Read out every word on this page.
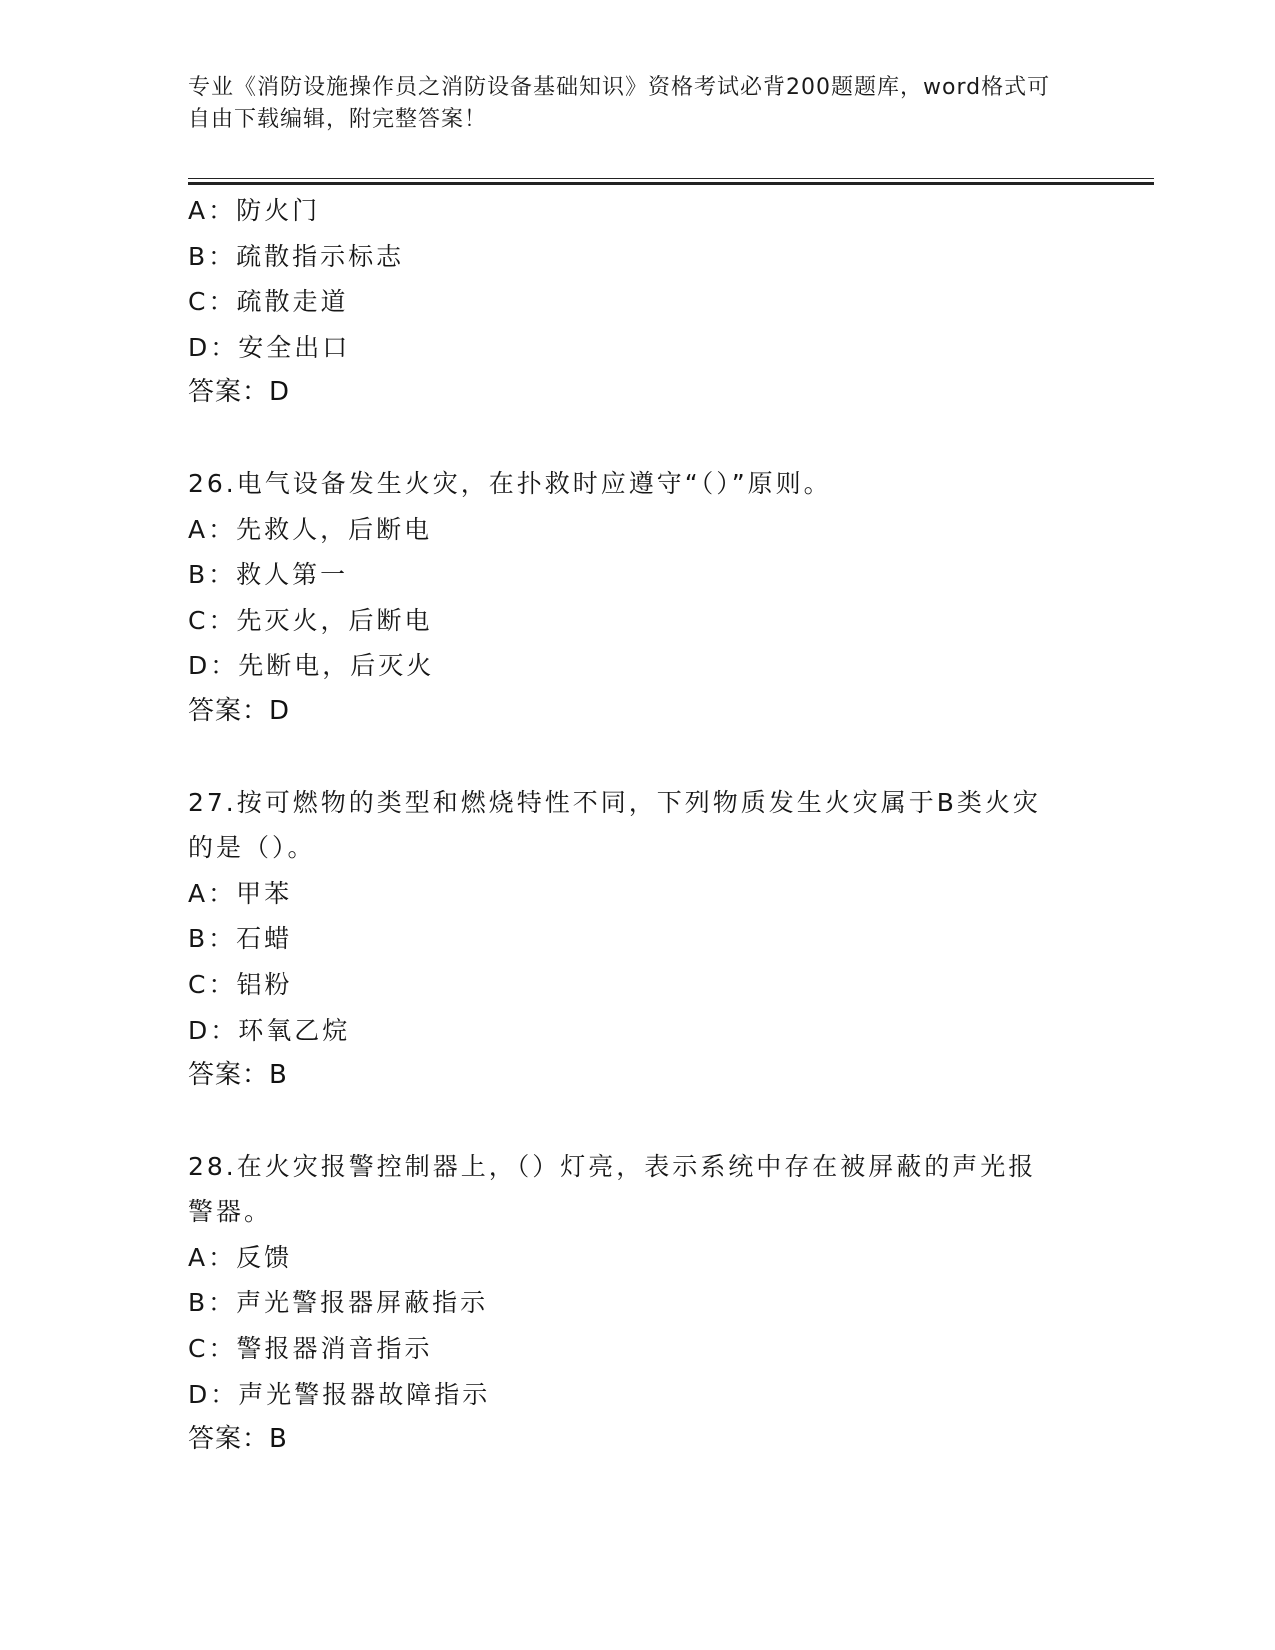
专业《消防设施操作员之消防设备基础知识》资格考试必背200题题库，word格式可自由下载编辑，附完整答案！
A：防火门
B：疏散指示标志
C：疏散走道
D：安全出口
答案：D
26.电气设备发生火灾，在扑救时应遵守“（）”原则。
A：先救人，后断电
B：救人第一
C：先灭火，后断电
D：先断电，后灭火
答案：D
27.按可燃物的类型和燃烧特性不同，下列物质发生火灾属于B类火灾
的是（）。
A：甲苯
B：石蜡
C：铝粉
D：环氧乙烷
答案：B
28.在火灾报警控制器上，（）灯亮，表示系统中存在被屏蔽的声光报
警器。
A：反馈
B：声光警报器屏蔽指示
C：警报器消音指示
D：声光警报器故障指示
答案：B
